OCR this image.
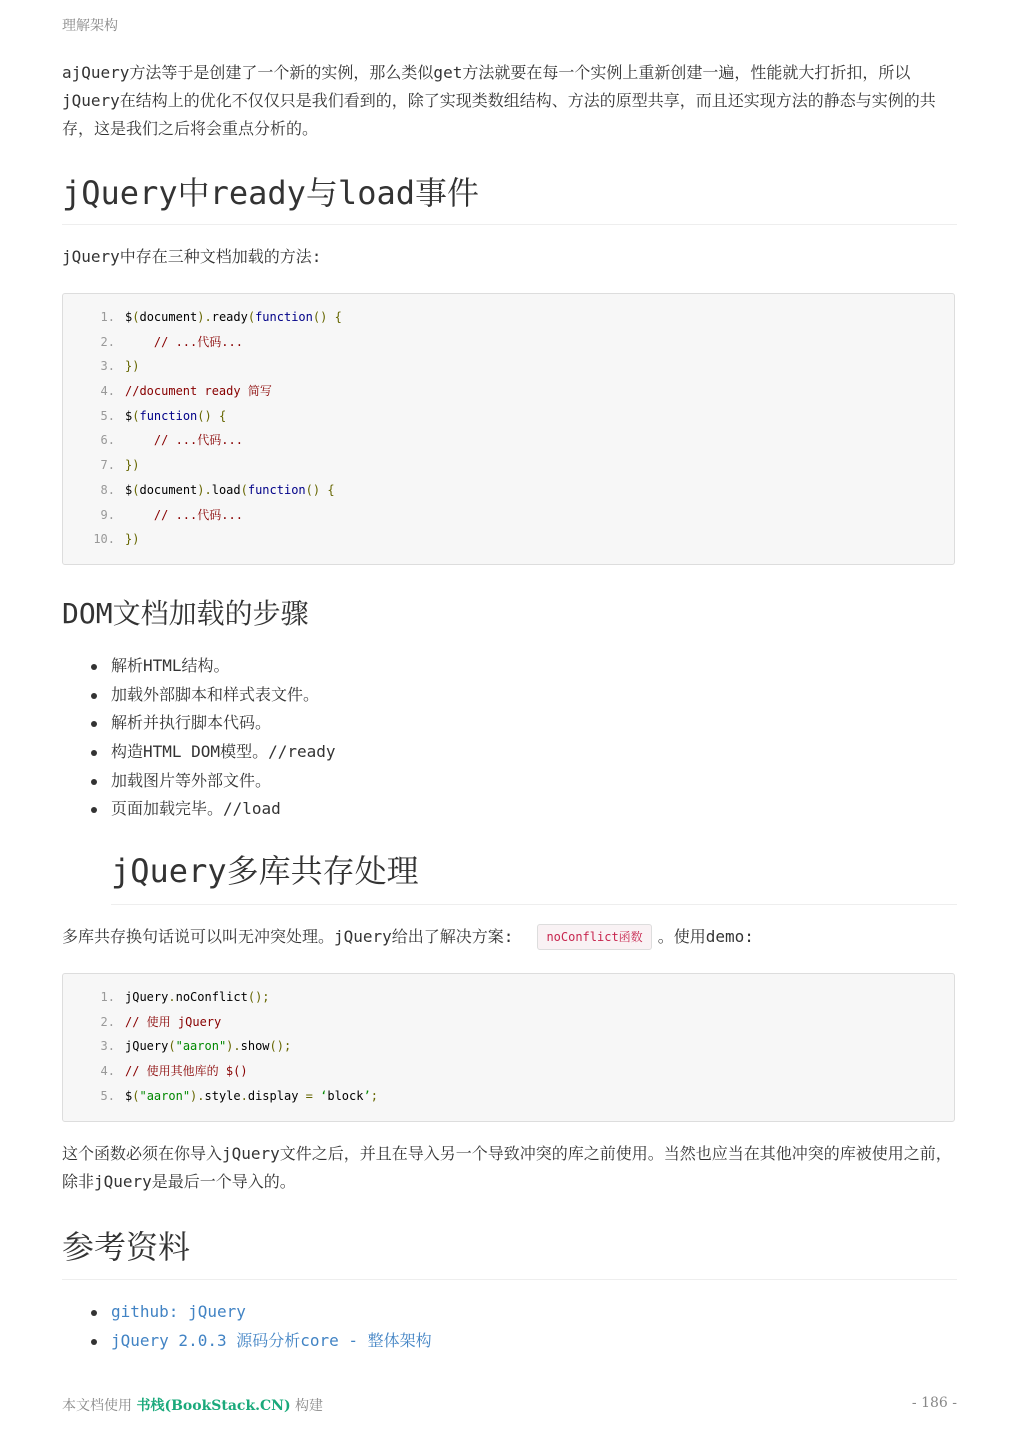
理解架构

ajQuery方法等于是创建了一个新的实例，那么类似get方法就要在每一个实例上重新创建一遍，性能就大打折扣，所以jQuery在结构上的优化不仅仅只是我们看到的，除了实现类数组结构、方法的原型共享，而且还实现方法的静态与实例的共存，这是我们之后将会重点分析的。

jQuery中ready与load事件

jQuery中存在三种文档加载的方法:

1. $(document).ready(function() {
2.	// ...代码...
3. })
4. //document ready 简写
5. $(function() {
6.	// ...代码...
7. })
8. $(document).load(function() {
9.	// ...代码...
10. })
DOM文档加载的步骤
解析HTML结构。
加载外部脚本和样式表文件。
解析并执行脚本代码。
构造HTML DOM模型。//ready
加载图片等外部文件。
页面加载完毕。//load
jQuery多库共存处理

多库共存换句话说可以叫无冲突处理。jQuery给出了解决方案:	noConflict函数 。使用demo:

1. jQuery.noConflict();
2. // 使用 jQuery
3. jQuery("aaron").show();
4. // 使用其他库的 $()
5. $("aaron").style.display = ‘block’;

这个函数必须在你导入jQuery文件之后，并且在导入另一个导致冲突的库之前使用。当然也应当在其他冲突的库被使用之前，除非jQuery是最后一个导入的。

参考资料
github: jQuery
jQuery 2.0.3 源码分析core - 整体架构
本文档使用 书栈(BookStack.CN) 构建	- 186 -
